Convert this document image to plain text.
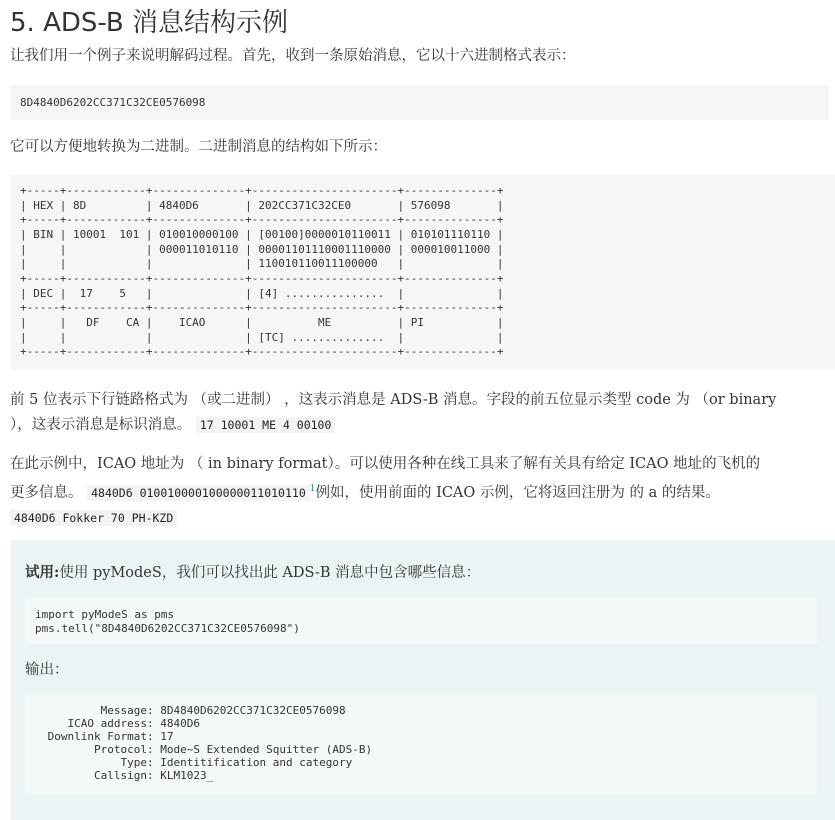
5. ADS-B 消息结构示例

让我们用一个例子来说明解码过程。首先，收到一条原始消息，它以十六进制格式表示：

8D4840D6202CC371C32CE0576098

它可以方便地转换为二进制。二进制消息的结构如下所示：

+-----+------------+--------------+----------------------+--------------+
| HEX | 8D         | 4840D6       | 202CC371C32CE0       | 576098       |
+-----+------------+--------------+----------------------+--------------+
| BIN | 10001  101 | 010010000100 | [00100]0000010110011 | 010101110110 |
|     |            | 000011010110 | 00001101110001110000 | 000010011000 |
|     |            |              | 110010110011100000   |              |
+-----+------------+--------------+----------------------+--------------+
| DEC |  17    5   |              | [4] ...............  |              |
+-----+------------+--------------+----------------------+--------------+
|     |   DF    CA |    ICAO      |          ME          | PI           |
|     |            |              | [TC] ..............  |              |
+-----+------------+--------------+----------------------+--------------+

前 5 位表示下行链路格式为 （或二进制） ，这表示消息是 ADS-B 消息。字段的前五位显示类型 code 为 （or binary
），这表示消息是标识消息。 17 10001 ME 4 00100

在此示例中，ICAO 地址为 （ in binary format）。可以使用各种在线工具来了解有关具有给定 ICAO 地址的飞机的
更多信息。 4840D6 010010000100000011010110 $^1$例如，使用前面的 ICAO 示例，它将返回注册为 的 a 的结果。
4840D6 Fokker 70 PH-KZD

试用:使用 pyModeS，我们可以找出此 ADS-B 消息中包含哪些信息：

import pyModeS as pms
pms.tell("8D4840D6202CC371C32CE0576098")

输出：

Message: 8D4840D6202CC371C32CE0576098
ICAO address: 4840D6
Downlink Format: 17
Protocol: Mode~S Extended Squitter (ADS-B)
Type: Identitification and category
Callsign: KLM1023_
